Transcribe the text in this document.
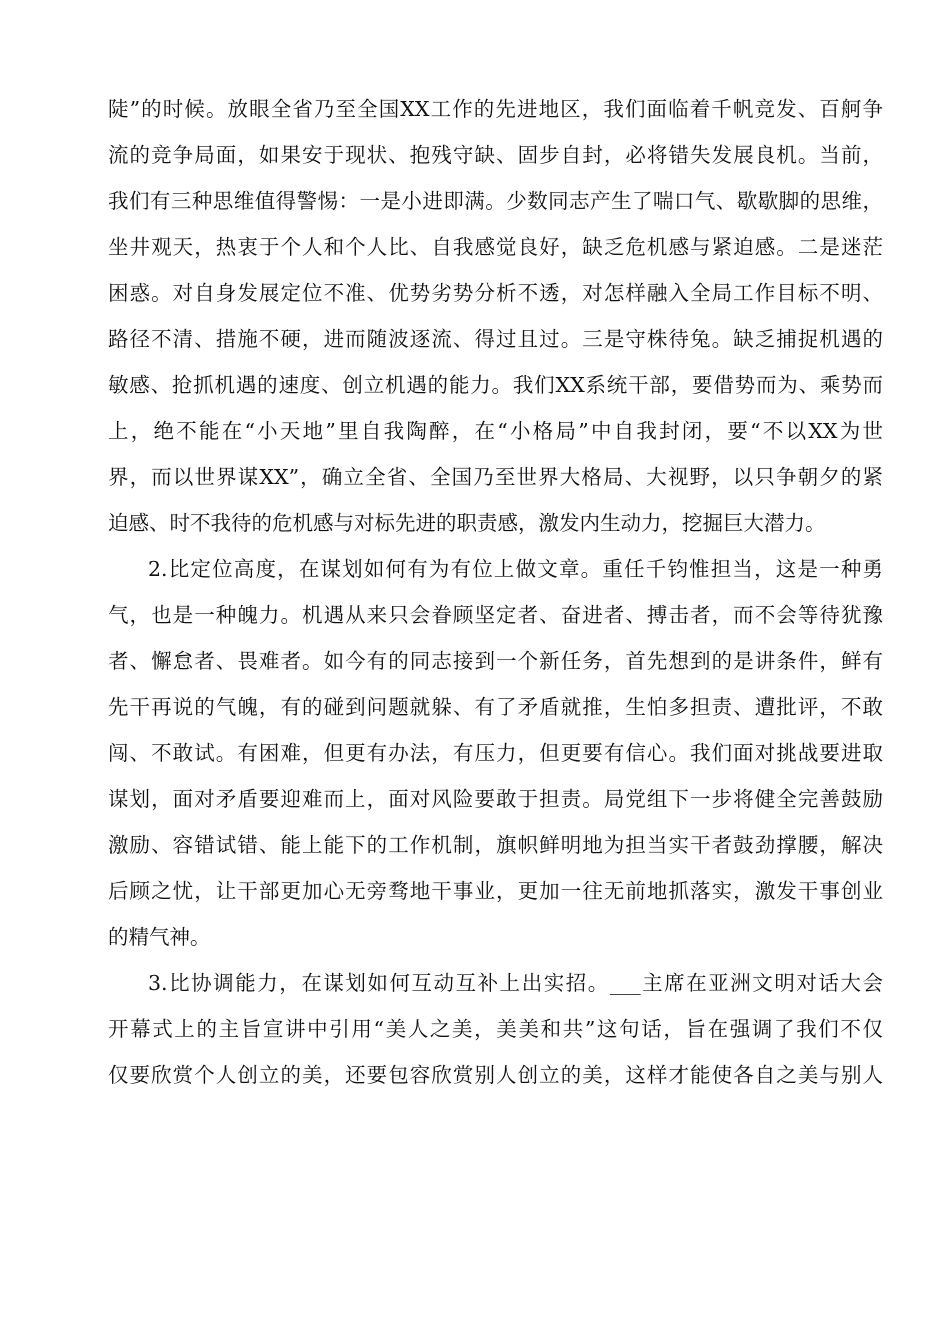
陡”的时候。放眼全省乃至全国XX工作的先进地区，我们面临着千帆竞发、百舸争
流的竞争局面，如果安于现状、抱残守缺、固步自封，必将错失发展良机。当前，
我们有三种思维值得警惕：一是小进即满。少数同志产生了喘口气、歇歇脚的思维，
坐井观天，热衷于个人和个人比、自我感觉良好，缺乏危机感与紧迫感。二是迷茫
困惑。对自身发展定位不准、优势劣势分析不透，对怎样融入全局工作目标不明、
路径不清、措施不硬，进而随波逐流、得过且过。三是守株待兔。缺乏捕捉机遇的
敏感、抢抓机遇的速度、创立机遇的能力。我们XX系统干部，要借势而为、乘势而
上，绝不能在“小天地”里自我陶醉，在“小格局”中自我封闭，要“不以XX为世
界，而以世界谋XX”，确立全省、全国乃至世界大格局、大视野，以只争朝夕的紧
迫感、时不我待的危机感与对标先进的职责感，激发内生动力，挖掘巨大潜力。
2.比定位高度，在谋划如何有为有位上做文章。重任千钧惟担当，这是一种勇
气，也是一种魄力。机遇从来只会眷顾坚定者、奋进者、搏击者，而不会等待犹豫
者、懈怠者、畏难者。如今有的同志接到一个新任务，首先想到的是讲条件，鲜有
先干再说的气魄，有的碰到问题就躲、有了矛盾就推，生怕多担责、遭批评，不敢
闯、不敢试。有困难，但更有办法，有压力，但更要有信心。我们面对挑战要进取
谋划，面对矛盾要迎难而上，面对风险要敢于担责。局党组下一步将健全完善鼓励
激励、容错试错、能上能下的工作机制，旗帜鲜明地为担当实干者鼓劲撑腰，解决
后顾之忧，让干部更加心无旁骛地干事业，更加一往无前地抓落实，激发干事创业
的精气神。
3.比协调能力，在谋划如何互动互补上出实招。___主席在亚洲文明对话大会
开幕式上的主旨宣讲中引用“美人之美，美美和共”这句话，旨在强调了我们不仅
仅要欣赏个人创立的美，还要包容欣赏别人创立的美，这样才能使各自之美与别人
